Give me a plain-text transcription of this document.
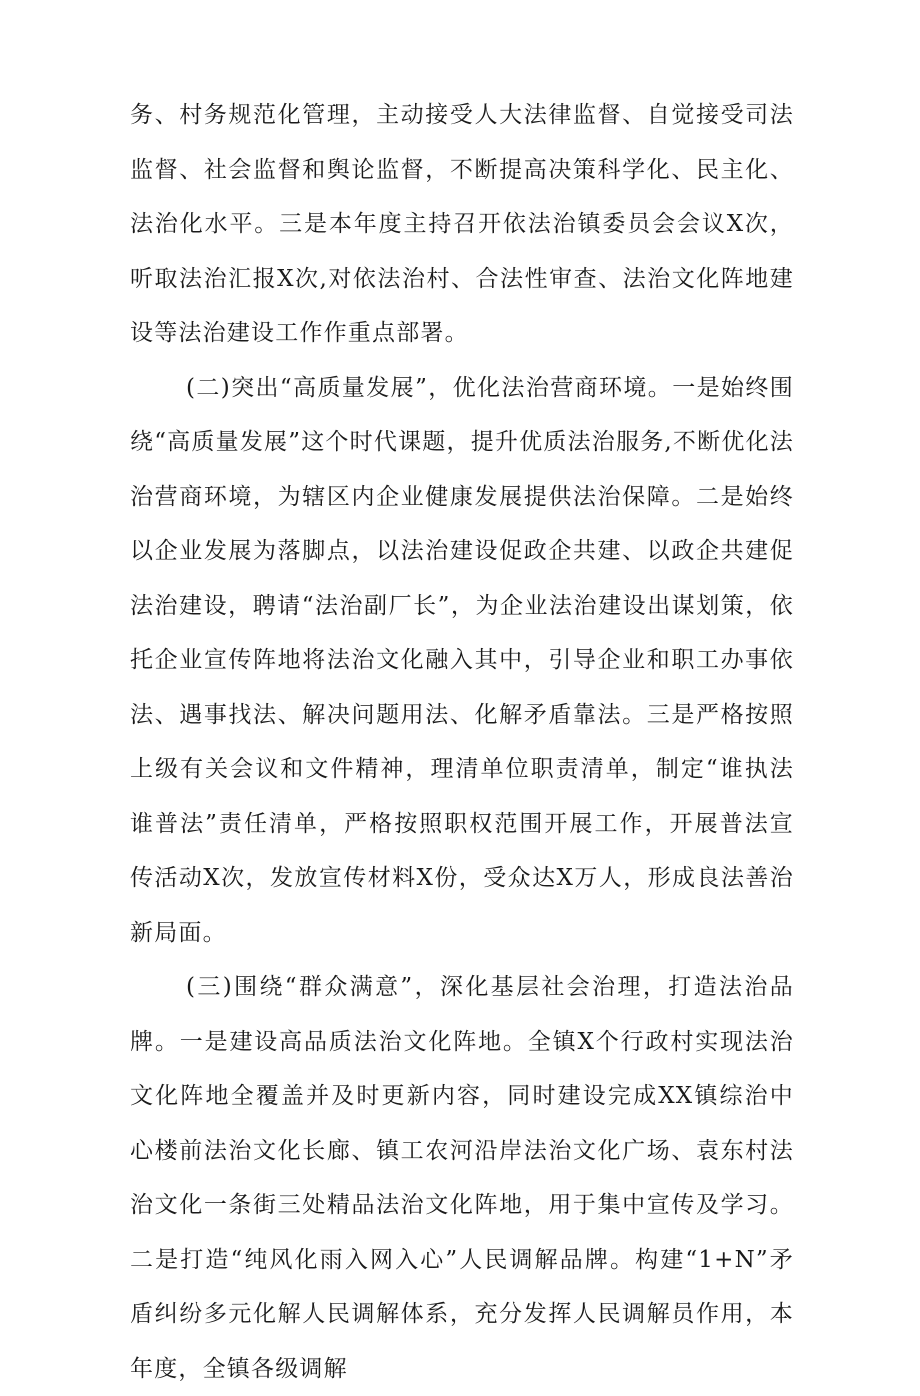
务、村务规范化管理，主动接受人大法律监督、自觉接受司法监督、社会监督和舆论监督，不断提高决策科学化、民主化、法治化水平。三是本年度主持召开依法治镇委员会会议X次，听取法治汇报X次,对依法治村、合法性审查、法治文化阵地建设等法治建设工作作重点部署。

(二)突出“高质量发展”，优化法治营商环境。一是始终围绕“高质量发展”这个时代课题，提升优质法治服务,不断优化法治营商环境，为辖区内企业健康发展提供法治保障。二是始终以企业发展为落脚点，以法治建设促政企共建、以政企共建促法治建设，聘请“法治副厂长”，为企业法治建设出谋划策，依托企业宣传阵地将法治文化融入其中，引导企业和职工办事依法、遇事找法、解决问题用法、化解矛盾靠法。三是严格按照上级有关会议和文件精神，理清单位职责清单，制定“谁执法谁普法”责任清单，严格按照职权范围开展工作，开展普法宣传活动X次，发放宣传材料X份，受众达X万人，形成良法善治新局面。

(三)围绕“群众满意”，深化基层社会治理，打造法治品牌。一是建设高品质法治文化阵地。全镇X个行政村实现法治文化阵地全覆盖并及时更新内容，同时建设完成XX镇综治中心楼前法治文化长廊、镇工农河沿岸法治文化广场、袁东村法治文化一条街三处精品法治文化阵地，用于集中宣传及学习。二是打造“纯风化雨入网入心”人民调解品牌。构建“1+N”矛盾纠纷多元化解人民调解体系，充分发挥人民调解员作用，本年度，全镇各级调解
